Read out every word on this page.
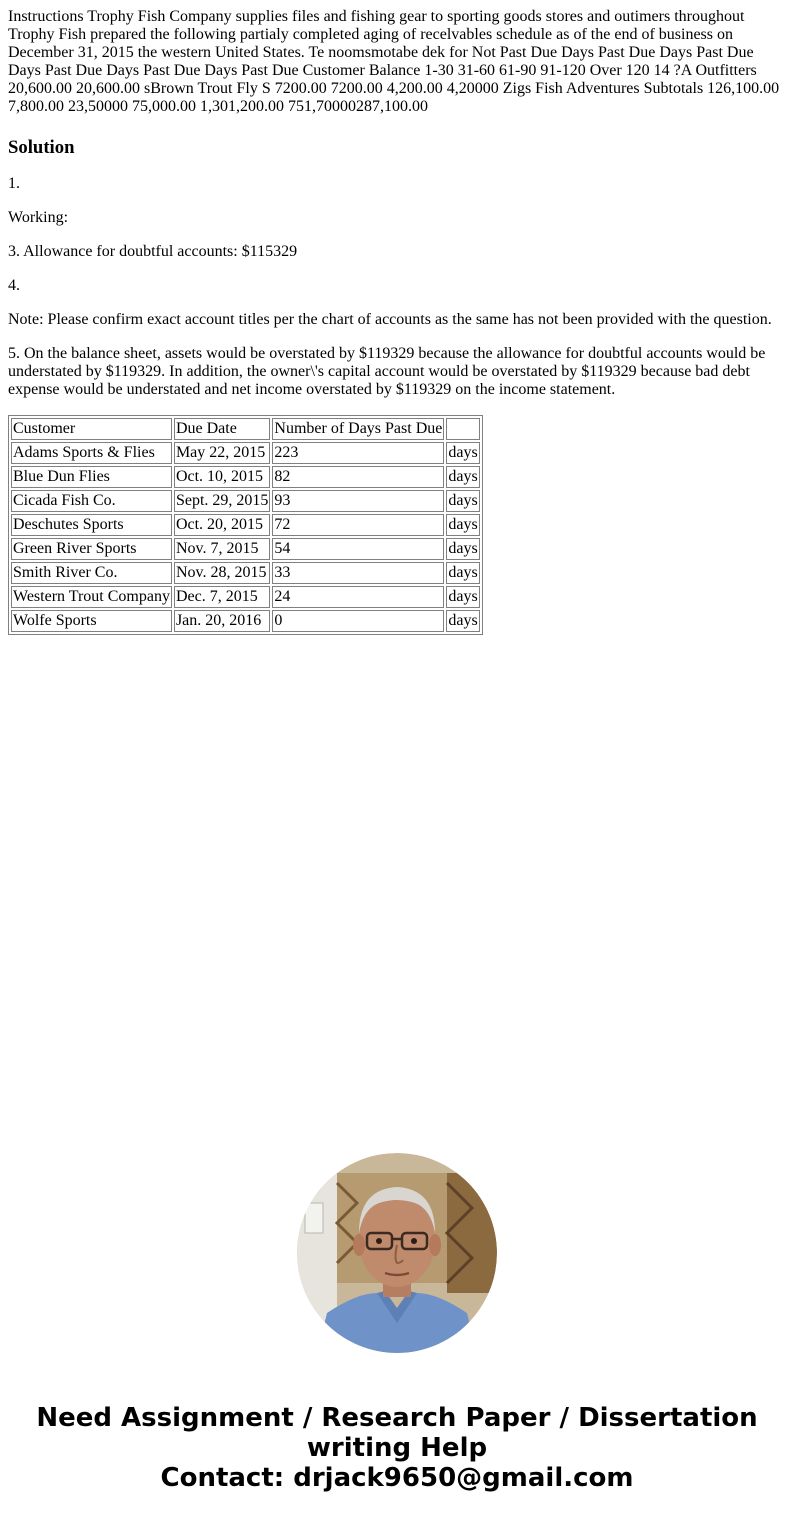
Instructions Trophy Fish Company supplies files and fishing gear to sporting goods stores and outimers throughout Trophy Fish prepared the following partialy completed aging of recelvables schedule as of the end of business on December 31, 2015 the western United States. Te noomsmotabe dek for Not Past Due Days Past Due Days Past Due Days Past Due Days Past Due Days Past Due Customer Balance 1-30 31-60 61-90 91-120 Over 120 14 ?A Outfitters 20,600.00 20,600.00 sBrown Trout Fly S 7200.00 7200.00 4,200.00 4,20000 Zigs Fish Adventures Subtotals 126,100.00 7,800.00 23,50000 75,000.00 1,301,200.00 751,70000287,100.00
Solution

1.

Working:

3. Allowance for doubtful accounts: $115329

4.

Note: Please confirm exact account titles per the chart of accounts as the same has not been provided with the question.

5. On the balance sheet, assets would be overstated by $119329 because the allowance for doubtful accounts would be understated by $119329. In addition, the owner\'s capital account would be overstated by $119329 because bad debt expense would be understated and net income overstated by $119329 on the income statement.

Customer	Due Date	Number of Days Past Due	
Adams Sports & Flies	May 22, 2015	223	days
Blue Dun Flies	Oct. 10, 2015	82	days
Cicada Fish Co.	Sept. 29, 2015	93	days
Deschutes Sports	Oct. 20, 2015	72	days
Green River Sports	Nov. 7, 2015	54	days
Smith River Co.	Nov. 28, 2015	33	days
Western Trout Company	Dec. 7, 2015	24	days
Wolfe Sports	Jan. 20, 2016	0	days
Need Assignment / Research Paper / Dissertation
writing Help
Contact: drjack9650@gmail.com
